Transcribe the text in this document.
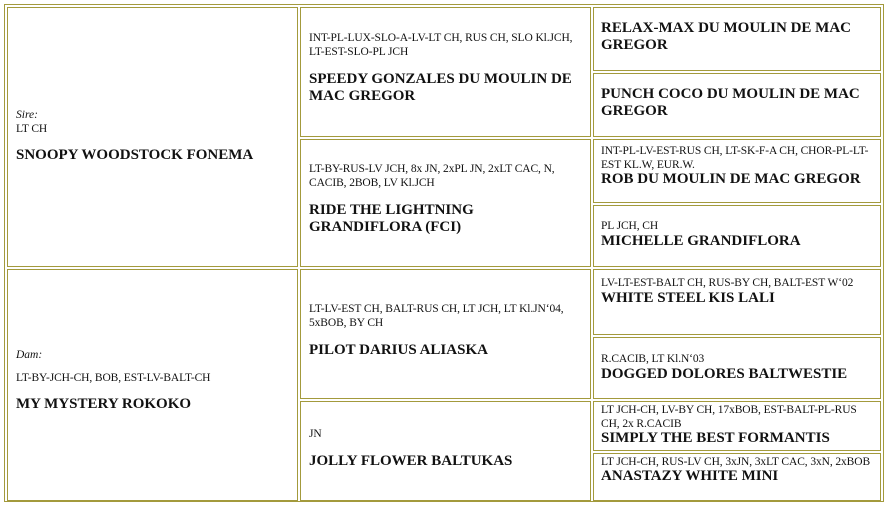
Sire:
LT CH
SNOOPY WOODSTOCK FONEMA
Dam:
LT-BY-JCH-CH, BOB, EST-LV-BALT-CH
MY MYSTERY ROKOKO
INT-PL-LUX-SLO-A-LV-LT CH, RUS CH, SLO Kl.JCH, LT-EST-SLO-PL JCH
SPEEDY GONZALES DU MOULIN DE MAC GREGOR
LT-BY-RUS-LV JCH, 8x JN, 2xPL JN, 2xLT CAC, N, CACIB, 2BOB, LV Kl.JCH
RIDE THE LIGHTNING GRANDIFLORA (FCI)
LT-LV-EST CH, BALT-RUS CH, LT JCH, LT Kl.JN‘04, 5xBOB, BY CH
PILOT DARIUS ALIASKA
JN
JOLLY FLOWER BALTUKAS
RELAX-MAX DU MOULIN DE MAC GREGOR
PUNCH COCO DU MOULIN DE MAC GREGOR
INT-PL-LV-EST-RUS CH, LT-SK-F-A CH, CHOR-PL-LT-EST KL.W, EUR.W.
ROB DU MOULIN DE MAC GREGOR
PL JCH, CH
MICHELLE GRANDIFLORA
LV-LT-EST-BALT CH, RUS-BY CH, BALT-EST W‘02
WHITE STEEL KIS LALI
R.CACIB, LT Kl.N‘03
DOGGED DOLORES BALTWESTIE
LT JCH-CH, LV-BY CH, 17xBOB, EST-BALT-PL-RUS CH, 2x R.CACIB
SIMPLY THE BEST FORMANTIS
LT JCH-CH, RUS-LV CH, 3xJN, 3xLT CAC, 3xN, 2xBOB
ANASTAZY WHITE MINI
